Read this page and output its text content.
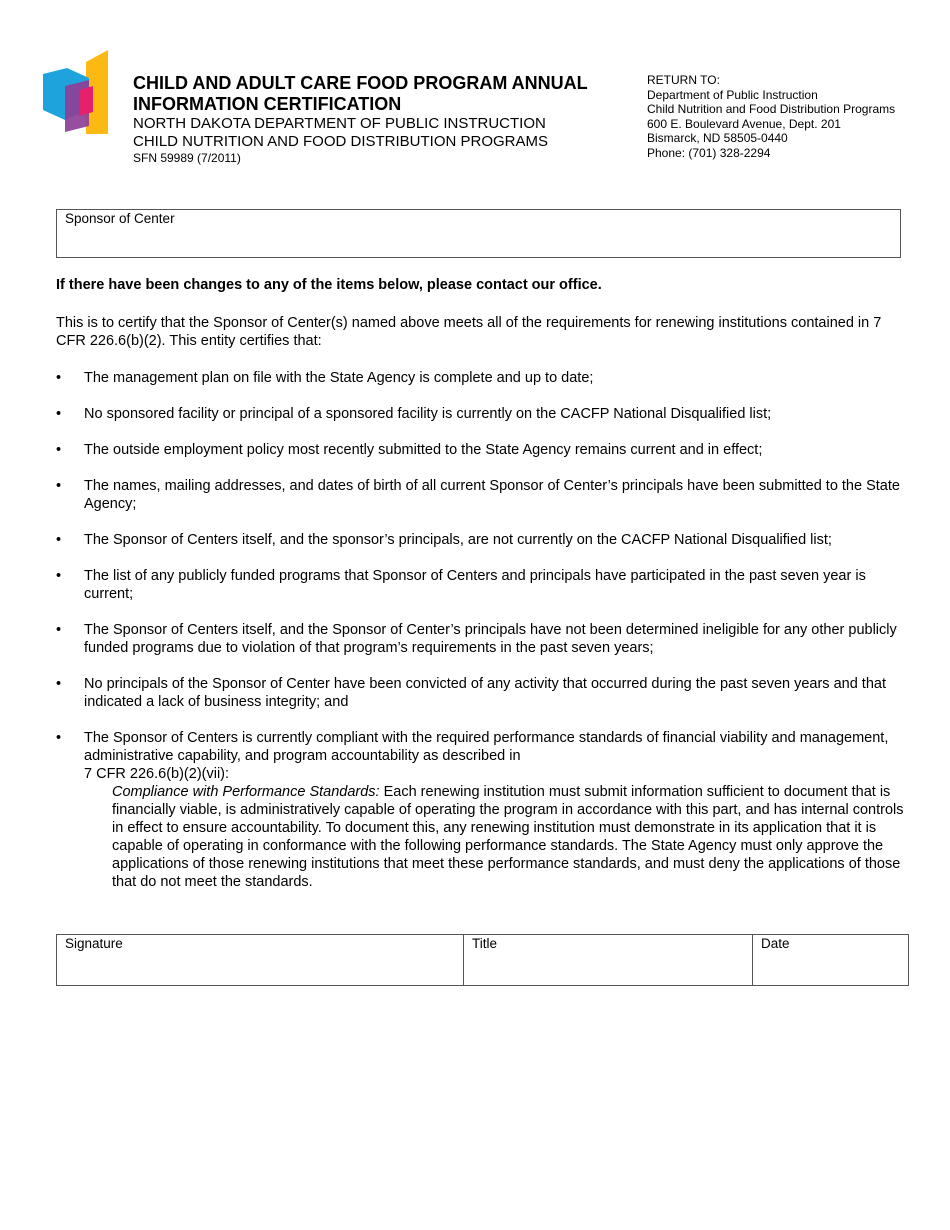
CHILD AND ADULT CARE FOOD PROGRAM ANNUAL
INFORMATION CERTIFICATION
NORTH DAKOTA DEPARTMENT OF PUBLIC INSTRUCTION
CHILD NUTRITION AND FOOD DISTRIBUTION PROGRAMS
SFN 59989 (7/2011)
RETURN TO:
Department of Public Instruction
Child Nutrition and Food Distribution Programs
600 E. Boulevard Avenue, Dept. 201
Bismarck, ND 58505-0440
Phone: (701) 328-2294
Sponsor of Center
If there have been changes to any of the items below, please contact our office.
This is to certify that the Sponsor of Center(s) named above meets all of the requirements for renewing institutions contained in 7 CFR 226.6(b)(2). This entity certifies that:
• The management plan on file with the State Agency is complete and up to date;
• No sponsored facility or principal of a sponsored facility is currently on the CACFP National Disqualified list;
• The outside employment policy most recently submitted to the State Agency remains current and in effect;
• The names, mailing addresses, and dates of birth of all current Sponsor of Center’s principals have been submitted to the State Agency;
• The Sponsor of Centers itself, and the sponsor’s principals, are not currently on the CACFP National Disqualified list;
• The list of any publicly funded programs that Sponsor of Centers and principals have participated in the past seven year is current;
• The Sponsor of Centers itself, and the Sponsor of Center’s principals have not been determined ineligible for any other publicly funded programs due to violation of that program’s requirements in the past seven years;
• No principals of the Sponsor of Center have been convicted of any activity that occurred during the past seven years and that indicated a lack of business integrity; and
• The Sponsor of Centers is currently compliant with the required performance standards of financial viability and management, administrative capability, and program accountability as described in
7 CFR 226.6(b)(2)(vii):
Compliance with Performance Standards: Each renewing institution must submit information sufficient to document that is financially viable, is administratively capable of operating the program in accordance with this part, and has internal controls in effect to ensure accountability. To document this, any renewing institution must demonstrate in its application that it is capable of operating in conformance with the following performance standards. The State Agency must only approve the applications of those renewing institutions that meet these performance standards, and must deny the applications of those that do not meet the standards.
Signature	Title	Date
